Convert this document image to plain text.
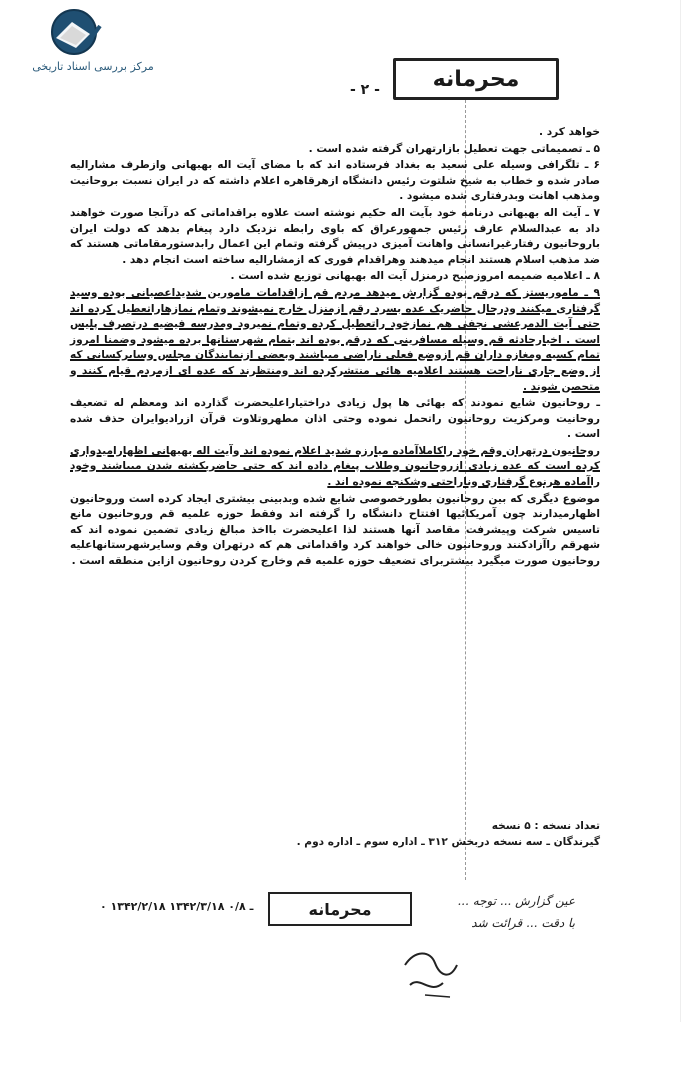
مرکز بررسی اسناد تاریخی
- ۲ -	محرمانه

خواهد کرد .

۵ ـ تصمیماتی جهت تعطیل بازارتهران گرفته شده است .

۶ ـ تلگرافی وسیله علی سعید به بغداد فرستاده اند که با مضای آیت اله بهبهانی وازطرف مشارالیه صادر شده و خطاب به شیخ شلتوت رئیس دانشگاه ازهرقاهره اعلام داشته که در ایران نسبت بروحانیت ومذهب اهانت وبدرفتاری شده میشود .

۷ ـ آیت اله بهبهانی درنامه خود بآیت اله حکیم نوشته است علاوه براقداماتی که درآنجا صورت خواهند داد به عبدالسلام عارف رئیس جمهورعراق که باوی رابطه نزدیک دارد پیغام بدهد که دولت ایران باروحانیون رفتارغیرانسانی واهانت آمیزی درپیش گرفته وتمام این اعمال رابدستورمقاماتی هستند که ضد مذهب اسلام هستند انجام میدهند وهراقدام فوری که ازمشارالیه ساخته است انجام دهد .

۸ ـ اعلامیه ضمیمه امروزصبح درمنزل آیت اله بهبهانی توزیع شده است .

۹ ـ ماموریستز که درقم بوده گزارش میدهد مردم قم ازاقدامات مامورین شدیداعصبانی بوده وسید گرفتاری میکنند ودرحال حاضریک عده بسرد رقم ازمنزل خارج نمیشوند وتمام نمازهاراتعطیل کرده اند حتی آیت الدمرعشی نجفی هم نمازخود راتعطیل کرده وتمام نمیرود ومدرسه فیضیه درتصرف پلیس است . اخبارحادثه قم وسیله مسافرینی که درقم بوده اند بتمام شهرستانها برده میشود وضمنا امروز تمام کسبه ومغازه داران قم ازوضع فعلی ناراضی میباشند وبعضی ازنمایندگان مجلس وسایرکسانی که از وضع جاری ناراحت هستند اعلامیه هائی منتشرکرده اند ومنتظرند که عده ای ازمردم قیام کنند و متحصن شوند .

ـ روحانیون شایع نمودند که بهائی ها پول زیادی دراختیاراعلیحضرت گذارده اند ومعظم له تضعیف روحانیت ومرکزیت روحانیون راتحمل نموده وحتی اذان مطهروتلاوت قرآن ازرادیوایران حذف شده است .

روحانیون درتهران وقم خود راکاملاآماده مبارزه شدید اعلام نموده اند وآیت اله بهبهانی اظهارامیدواری کرده است که عده زیادی ازروحانیون وطلاب پیغام داده اند که حتی حاضربکشته شدن میباشند وخود راآماده هرنوع گرفتاری وناراحتی وشکنجه نموده اند .

موضوع دیگری که بین روحانیون بطورخصوصی شایع شده وبدبینی بیشتری ایجاد کرده است وروحانیون اظهارمیدارند چون آمریکائیها افتتاح دانشگاه را گرفته اند وفقط حوزه علمیه قم وروحانیون مانع تاسیس شرکت وپیشرفت مقاصد آنها هستند لذا اعلیحضرت بااخذ مبالغ زیادی تضمین نموده اند که شهرقم راآزادکنند وروحانیون خالی خواهند کرد واقداماتی هم که درتهران وقم وسایرشهرستانهاعلیه روحانیون صورت میگیرد بیشتربرای تضعیف حوزه علمیه قم وخارج کردن روحانیون ازاین منطقه است .

تعداد نسخه : ۵ نسخه
گیرندگان ـ سه نسخه دربخش ۳۱۲ ـ اداره سوم ـ اداره دوم .
۰ ۱۳۴۲/۲/۱۸ ـ ۰/۸ ۱۳۴۲/۳/۱۸	محرمانه	عین گزارش ... توجه ...
با دقت ... قرائت شد
